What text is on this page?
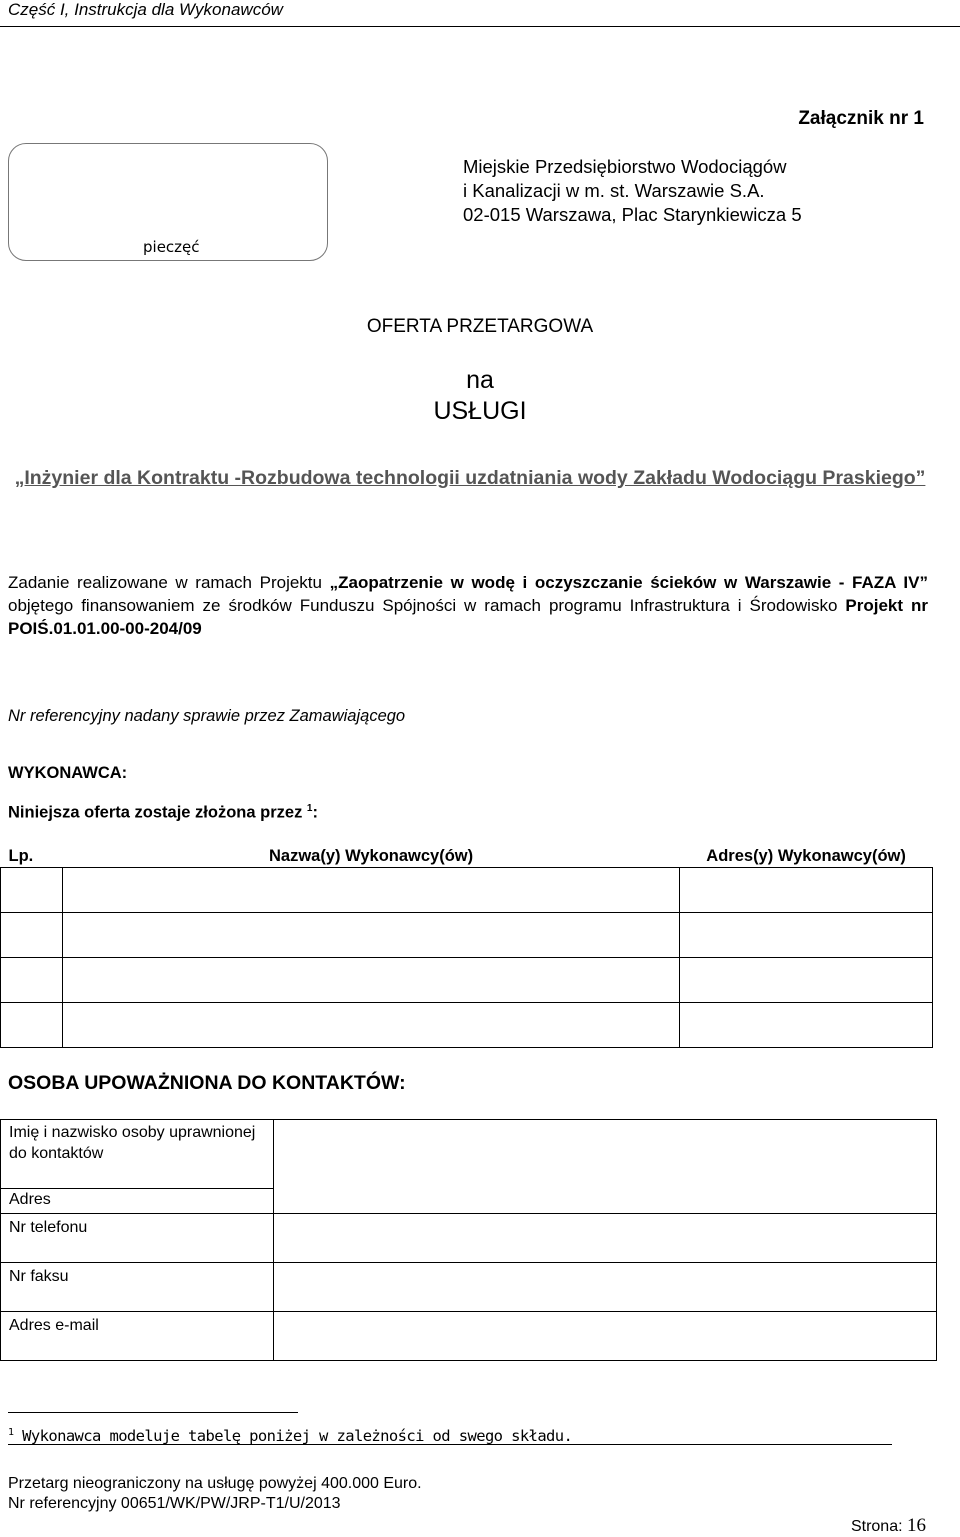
Część I, Instrukcja dla Wykonawców
Załącznik nr 1
pieczęć
Miejskie Przedsiębiorstwo Wodociągów
i Kanalizacji w m. st. Warszawie S.A.
02-015 Warszawa, Plac Starynkiewicza 5
OFERTA PRZETARGOWA
na
USŁUGI
„Inżynier dla Kontraktu -Rozbudowa technologii uzdatniania wody Zakładu Wodociągu Praskiego”
Zadanie realizowane w ramach Projektu „Zaopatrzenie w wodę i oczyszczanie ścieków w Warszawie - FAZA IV” objętego finansowaniem ze środków Funduszu Spójności w ramach programu Infrastruktura i Środowisko Projekt nr POIŚ.01.01.00-00-204/09
Nr referencyjny nadany sprawie przez Zamawiającego
WYKONAWCA:
Niniejsza oferta zostaje złożona przez $^1$:
Lp.	Nazwa(y) Wykonawcy(ów)	Adres(y) Wykonawcy(ów)

OSOBA UPOWAŻNIONA DO KONTAKTÓW:
Imię i nazwisko osoby uprawnionej do kontaktów	
Adres	
Nr telefonu	
Nr faksu	
Adres e-mail	
$^1$ Wykonawca modeluje tabelę poniżej w zależności od swego składu.
Przetarg nieograniczony na usługę powyżej 400.000 Euro.
Nr referencyjny 00651/WK/PW/JRP-T1/U/2013
Strona: 16
